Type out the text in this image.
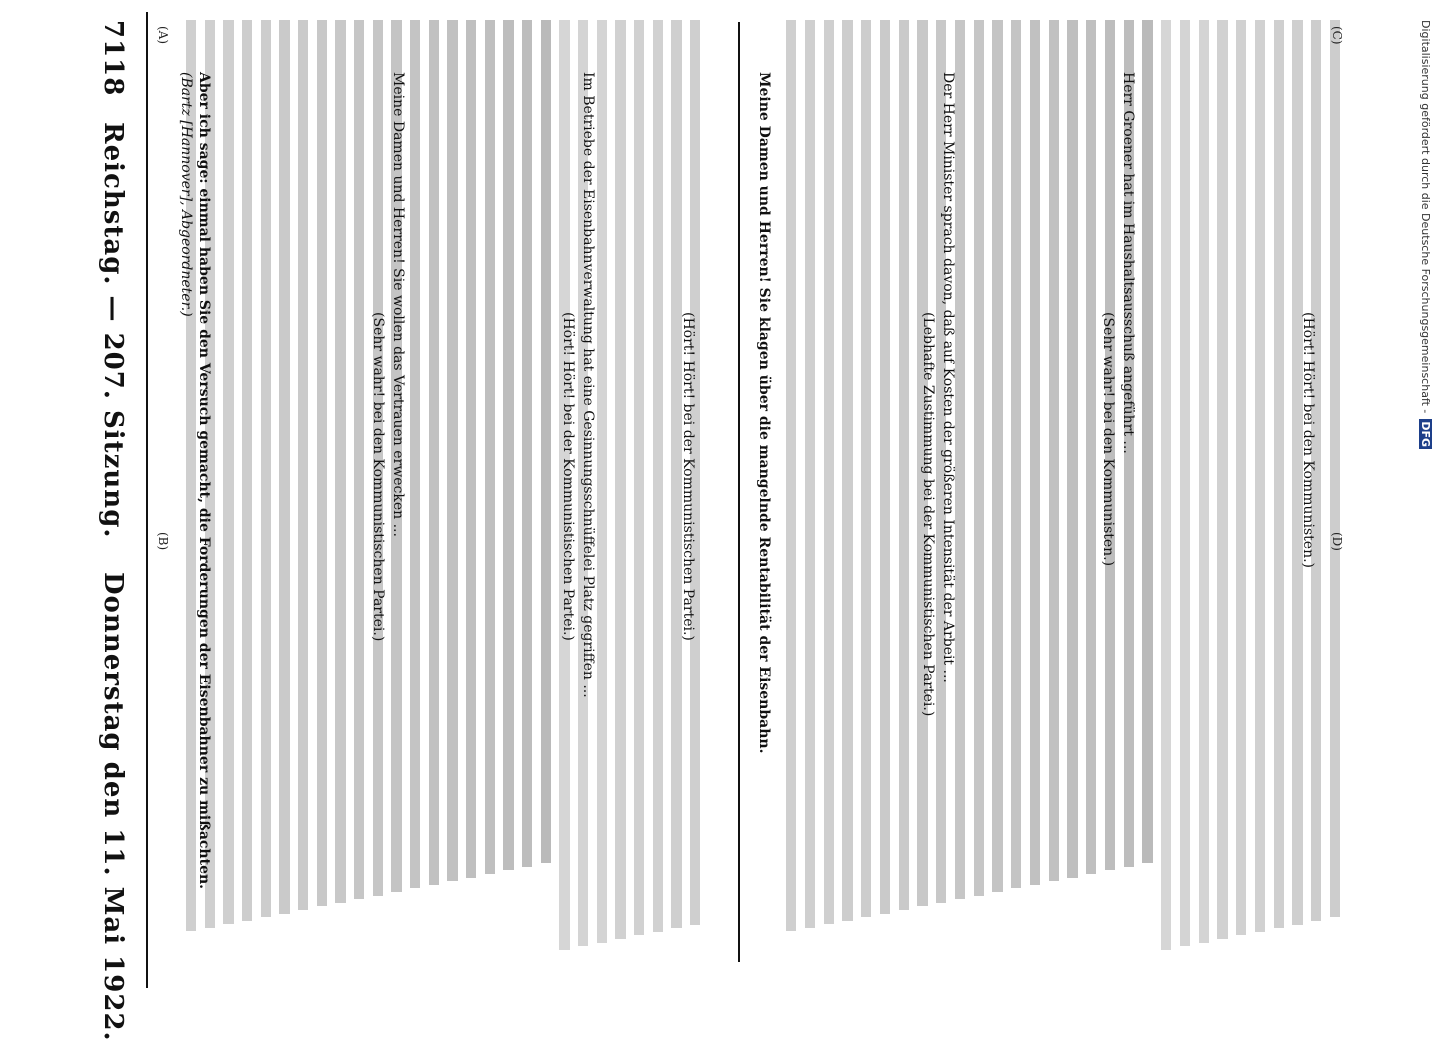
7118
Reichstag. — 207. Sitzung.
Donnerstag den 11. Mai 1922.
(A)
(B)
(Bartz [Hannover], Abgeordneter.) Aber ich sage: einmal haben Sie den Versuch gemacht, die Forderungen der Eisenbahner zu mißachten.	(Sehr wahr! bei den Kommunistischen Partei.) Meine Damen und Herren! Sie wollen das Vertrauen erwecken ...	(Hört! Hört! bei der Kommunistischen Partei.) Im Betriebe der Eisenbahnverwaltung hat eine Gesinnungsschnüffelei Platz gegriffen ...	(Hört! Hört! bei der Kommunistischen Partei.)
(C)
(D)
Meine Damen und Herren! Sie klagen über die mangelnde Rentabilität der Eisenbahn.	(Lebhafte Zustimmung bei der Kommunistischen Partei.) Der Herr Minister sprach davon, daß auf Kosten der größeren Intensität der Arbeit ...	(Sehr wahr! bei den Kommunisten.) Herr Groener hat im Haushaltsausschuß angeführt ...	(Hört! Hört! bei den Kommunisten.)
Digitalisierung gefördert durch die Deutsche Forschungsgemeinschaft -DFG
